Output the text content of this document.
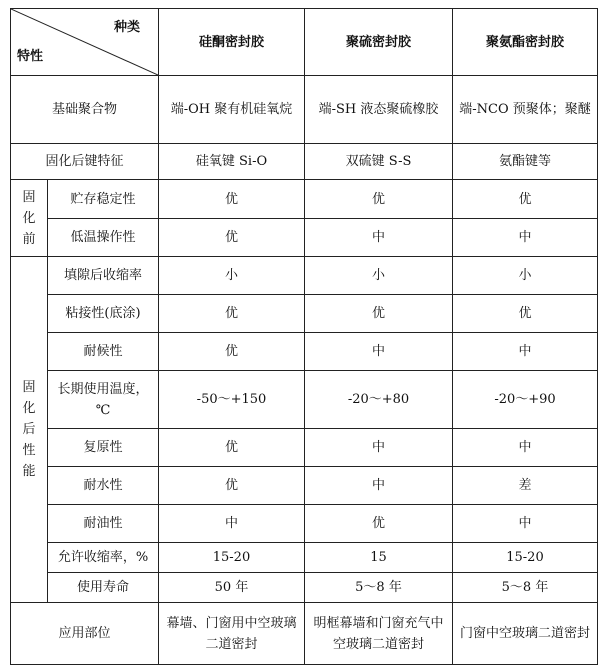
种类
特性		硅酮密封胶	聚硫密封胶	聚氨酯密封胶
基础聚合物		端-OH 聚有机硅氧烷	端-SH 液态聚硫橡胶	端-NCO 预聚体；聚醚
固化后键特征		硅氧键 Si-O	双硫键 S-S	氨酯键等

固
化
前	贮存稳定性	优	优	优
	低温操作性	优	中	中

固
化
后
性
能	填隙后收缩率	小	小	小
	粘接性(底涂)	优	优	优
	耐候性	优	中	中
	长期使用温度，℃	-50～+150	-20～+80	-20～+90
	复原性	优	中	中
	耐水性	优	中	差
	耐油性	中	优	中
	允许收缩率，%	15-20	15	15-20
	使用寿命	50 年	5～8 年	5～8 年
应用部位		幕墙、门窗用中空玻璃二道密封	明框幕墙和门窗充气中空玻璃二道密封	门窗中空玻璃二道密封
